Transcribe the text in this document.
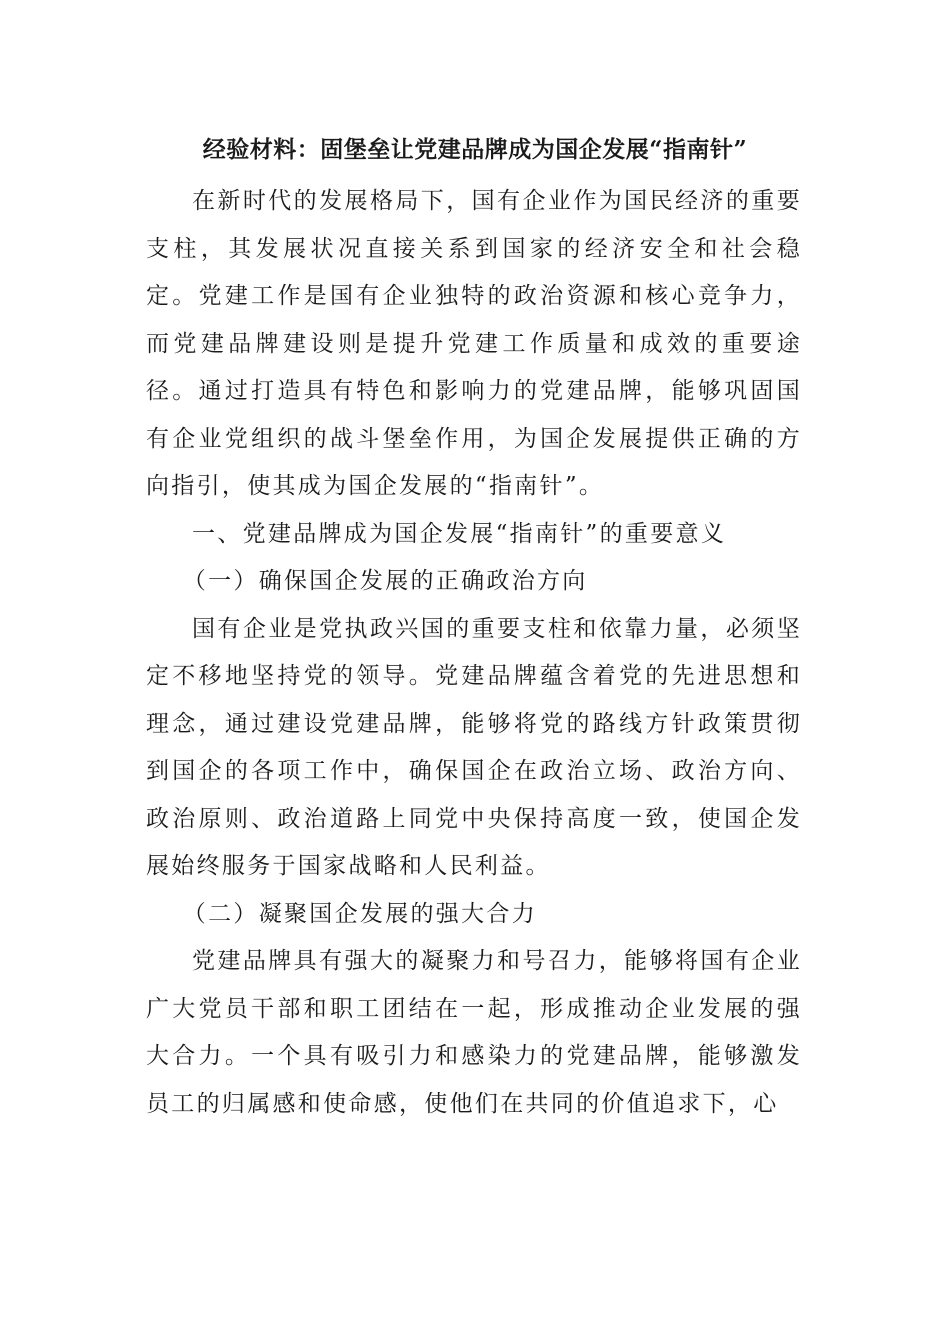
经验材料：固堡垒让党建品牌成为国企发展“指南针”

在新时代的发展格局下，国有企业作为国民经济的重要支柱，其发展状况直接关系到国家的经济安全和社会稳定。党建工作是国有企业独特的政治资源和核心竞争力，而党建品牌建设则是提升党建工作质量和成效的重要途径。通过打造具有特色和影响力的党建品牌，能够巩固国有企业党组织的战斗堡垒作用，为国企发展提供正确的方向指引，使其成为国企发展的“指南针”。

一、党建品牌成为国企发展“指南针”的重要意义

（一）确保国企发展的正确政治方向

国有企业是党执政兴国的重要支柱和依靠力量，必须坚定不移地坚持党的领导。党建品牌蕴含着党的先进思想和理念，通过建设党建品牌，能够将党的路线方针政策贯彻到国企的各项工作中，确保国企在政治立场、政治方向、政治原则、政治道路上同党中央保持高度一致，使国企发展始终服务于国家战略和人民利益。

（二）凝聚国企发展的强大合力

党建品牌具有强大的凝聚力和号召力，能够将国有企业广大党员干部和职工团结在一起，形成推动企业发展的强大合力。一个具有吸引力和感染力的党建品牌，能够激发员工的归属感和使命感，使他们在共同的价值追求下，心
